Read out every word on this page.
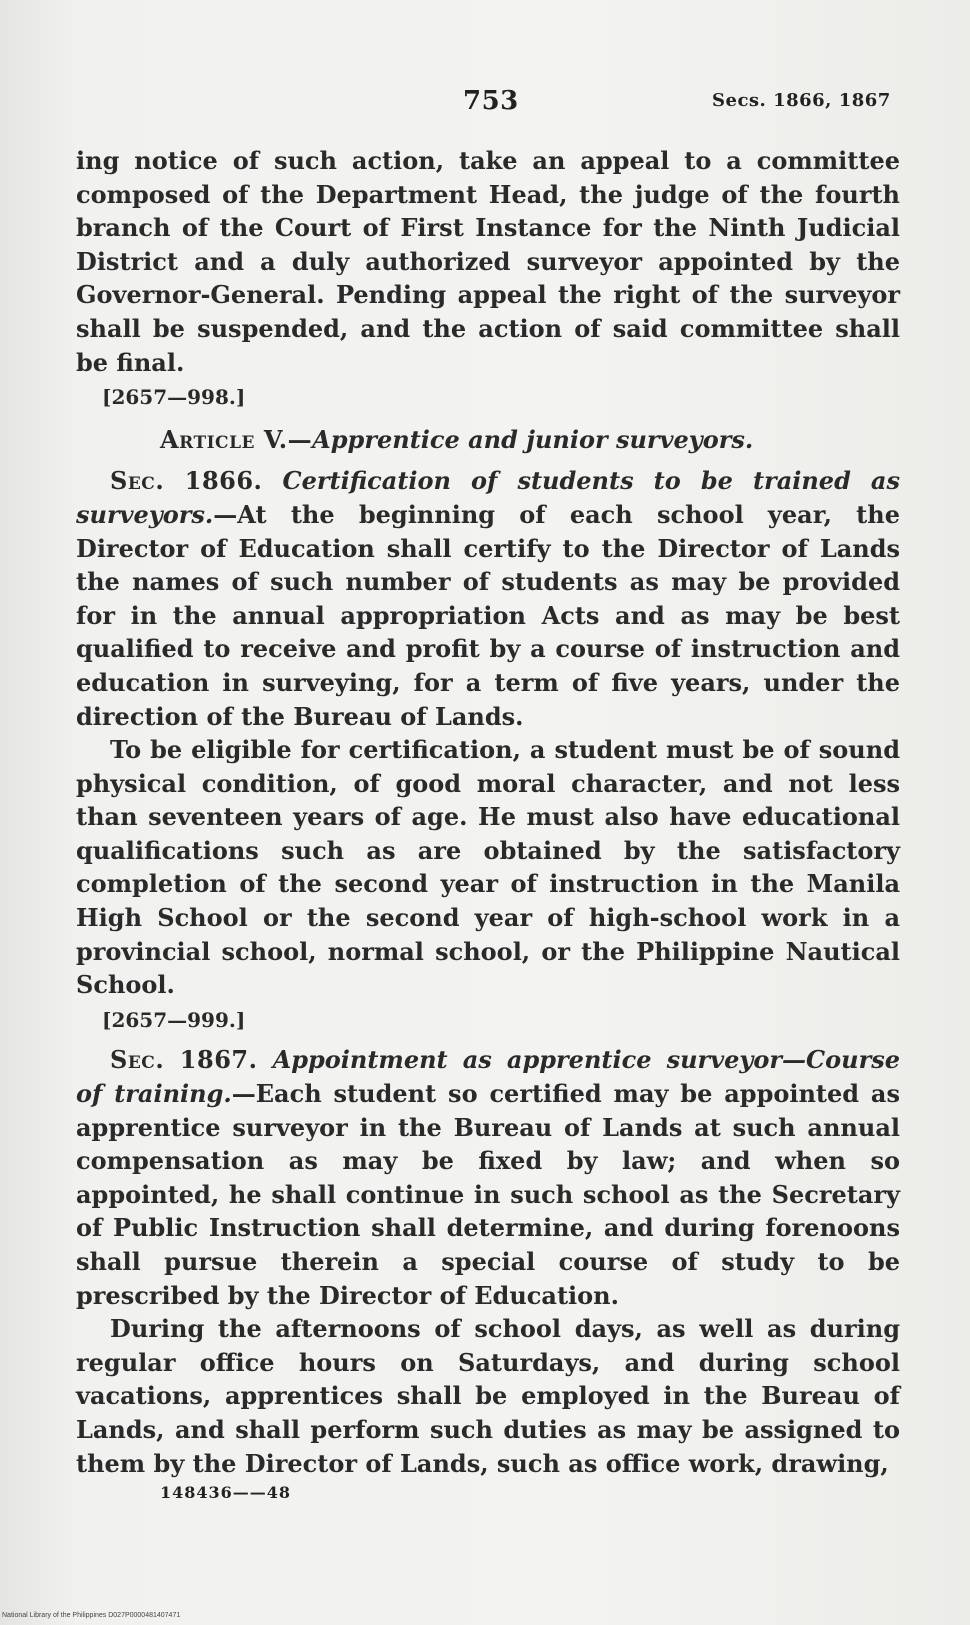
753	Secs. 1866, 1867

ing notice of such action, take an appeal to a committee composed of the Department Head, the judge of the fourth branch of the Court of First Instance for the Ninth Judicial District and a duly authorized surveyor appointed by the Governor-General. Pending appeal the right of the surveyor shall be suspended, and the action of said committee shall be final.

[2657—998.]

Article V.—Apprentice and junior surveyors.

Sec. 1866. Certification of students to be trained as surveyors.—At the beginning of each school year, the Director of Education shall certify to the Director of Lands the names of such number of students as may be provided for in the annual appropriation Acts and as may be best qualified to receive and profit by a course of instruction and education in surveying, for a term of five years, under the direction of the Bureau of Lands.

To be eligible for certification, a student must be of sound physical condition, of good moral character, and not less than seventeen years of age. He must also have educational qualifications such as are obtained by the satisfactory completion of the second year of instruction in the Manila High School or the second year of high-school work in a provincial school, normal school, or the Philippine Nautical School.

[2657—999.]

Sec. 1867. Appointment as apprentice surveyor—Course of training.—Each student so certified may be appointed as apprentice surveyor in the Bureau of Lands at such annual compensation as may be fixed by law; and when so appointed, he shall continue in such school as the Secretary of Public Instruction shall determine, and during forenoons shall pursue therein a special course of study to be prescribed by the Director of Education.

During the afternoons of school days, as well as during regular office hours on Saturdays, and during school vacations, apprentices shall be employed in the Bureau of Lands, and shall perform such duties as may be assigned to them by the Director of Lands, such as office work, drawing,

148436——48
National Library of the Philippines D027P0000481407471
